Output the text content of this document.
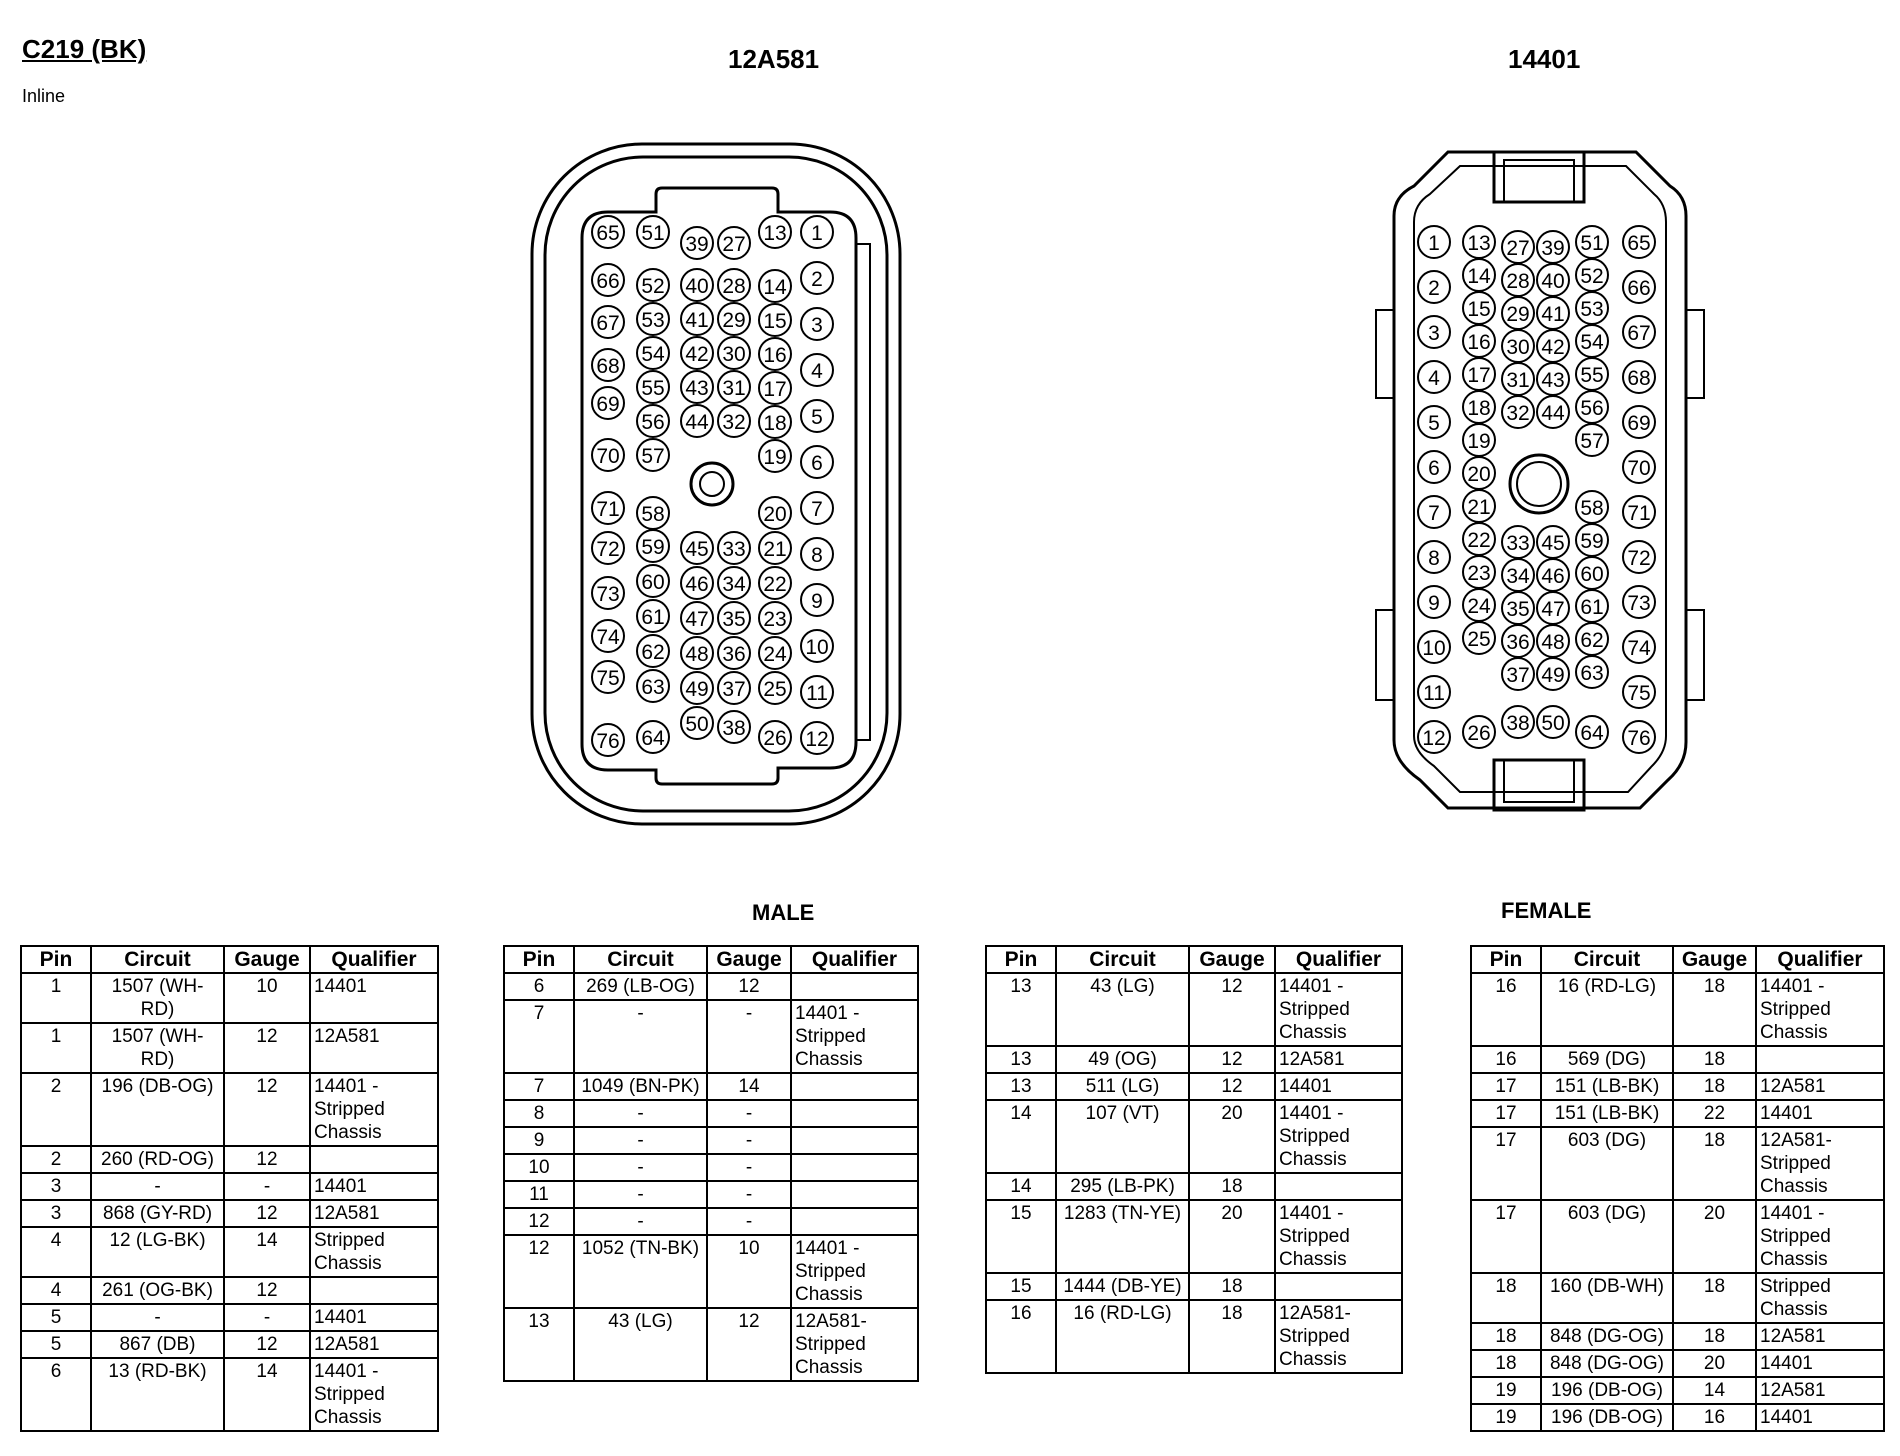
C219 (BK)
Inline
12A581	14401
MALE	FEMALE
65
66
67
68
69
70
71
72
73
74
75
76
51
52
53
54
55
56
57
58
59
60
61
62
63
64
39
40
41
42
43
44
45
46
47
48
49
50
27
28
29
30
31
32
33
34
35
36
37
38
13
14
15
16
17
18
19
20
21
22
23
24
25
26
1
2
3
4
5
6
7
8
9
10
11
12
1
2
3
4
5
6
7
8
9
10
11
12
13
14
15
16
17
18
19
20
21
22
23
24
25
26
27
28
29
30
31
32
33
34
35
36
37
38
39
40
41
42
43
44
45
46
47
48
49
50
51
52
53
54
55
56
57
58
59
60
61
62
63
64
65
66
67
68
69
70
71
72
73
74
75
76
Pin	Circuit	Gauge	Qualifier
1	1507 (WH-RD)	10	14401
1	1507 (WH-RD)	12	12A581
2	196 (DB-OG)	12	14401 - Stripped Chassis
2	260 (RD-OG)	12	
3	-	-	14401
3	868 (GY-RD)	12	12A581
4	12 (LG-BK)	14	Stripped Chassis
4	261 (OG-BK)	12	
5	-	-	14401
5	867 (DB)	12	12A581
6	13 (RD-BK)	14	14401 - Stripped Chassis
Pin	Circuit	Gauge	Qualifier
6	269 (LB-OG)	12	
7	-	-	14401 - Stripped Chassis
7	1049 (BN-PK)	14	
8	-	-	
9	-	-	
10	-	-	
11	-	-	
12	-	-	
12	1052 (TN-BK)	10	14401 - Stripped Chassis
13	43 (LG)	12	12A581- Stripped Chassis
Pin	Circuit	Gauge	Qualifier
13	43 (LG)	12	14401 - Stripped Chassis
13	49 (OG)	12	12A581
13	511 (LG)	12	14401
14	107 (VT)	20	14401 - Stripped Chassis
14	295 (LB-PK)	18	
15	1283 (TN-YE)	20	14401 - Stripped Chassis
15	1444 (DB-YE)	18	
16	16 (RD-LG)	18	12A581- Stripped Chassis
Pin	Circuit	Gauge	Qualifier
16	16 (RD-LG)	18	14401 - Stripped Chassis
16	569 (DG)	18	
17	151 (LB-BK)	18	12A581
17	151 (LB-BK)	22	14401
17	603 (DG)	18	12A581- Stripped Chassis
17	603 (DG)	20	14401 - Stripped Chassis
18	160 (DB-WH)	18	Stripped Chassis
18	848 (DG-OG)	18	12A581
18	848 (DG-OG)	20	14401
19	196 (DB-OG)	14	12A581
19	196 (DB-OG)	16	14401
